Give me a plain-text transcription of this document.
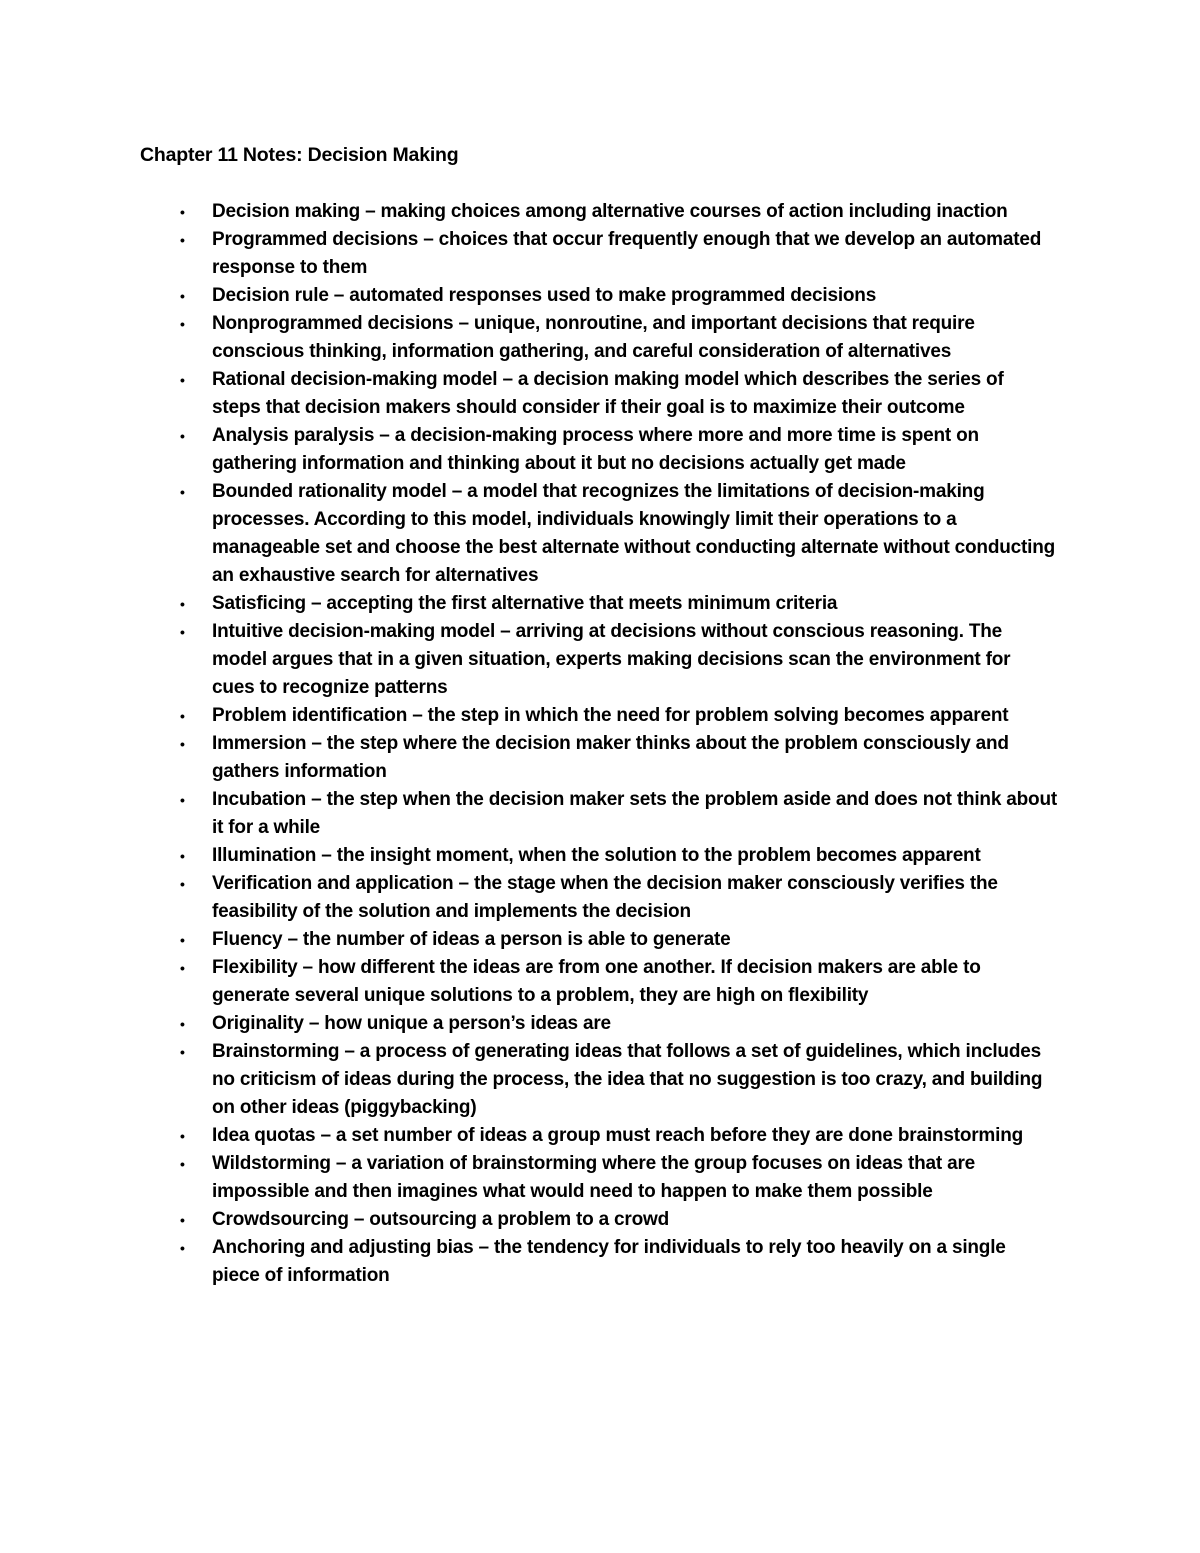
Chapter 11 Notes: Decision Making
•	Decision making – making choices among alternative courses of action including inaction
•	Programmed decisions – choices that occur frequently enough that we develop an automated response to them
•	Decision rule – automated responses used to make programmed decisions
•	Nonprogrammed decisions – unique, nonroutine, and important decisions that require conscious thinking, information gathering, and careful consideration of alternatives
•	Rational decision-making model – a decision making model which describes the series of steps that decision makers should consider if their goal is to maximize their outcome
•	Analysis paralysis – a decision-making process where more and more time is spent on gathering information and thinking about it but no decisions actually get made
•	Bounded rationality model – a model that recognizes the limitations of decision-making processes. According to this model, individuals knowingly limit their operations to a manageable set and choose the best alternate without conducting alternate without conducting an exhaustive search for alternatives
•	Satisficing – accepting the first alternative that meets minimum criteria
•	Intuitive decision-making model – arriving at decisions without conscious reasoning. The model argues that in a given situation, experts making decisions scan the environment for cues to recognize patterns
•	Problem identification – the step in which the need for problem solving becomes apparent
•	Immersion – the step where the decision maker thinks about the problem consciously and gathers information
•	Incubation – the step when the decision maker sets the problem aside and does not think about it for a while
•	Illumination – the insight moment, when the solution to the problem becomes apparent
•	Verification and application – the stage when the decision maker consciously verifies the feasibility of the solution and implements the decision
•	Fluency – the number of ideas a person is able to generate
•	Flexibility – how different the ideas are from one another. If decision makers are able to generate several unique solutions to a problem, they are high on flexibility
•	Originality – how unique a person’s ideas are
•	Brainstorming – a process of generating ideas that follows a set of guidelines, which includes no criticism of ideas during the process, the idea that no suggestion is too crazy, and building on other ideas (piggybacking)
•	Idea quotas – a set number of ideas a group must reach before they are done brainstorming
•	Wildstorming – a variation of brainstorming where the group focuses on ideas that are impossible and then imagines what would need to happen to make them possible
•	Crowdsourcing – outsourcing a problem to a crowd
•	Anchoring and adjusting bias – the tendency for individuals to rely too heavily on a single piece of information
